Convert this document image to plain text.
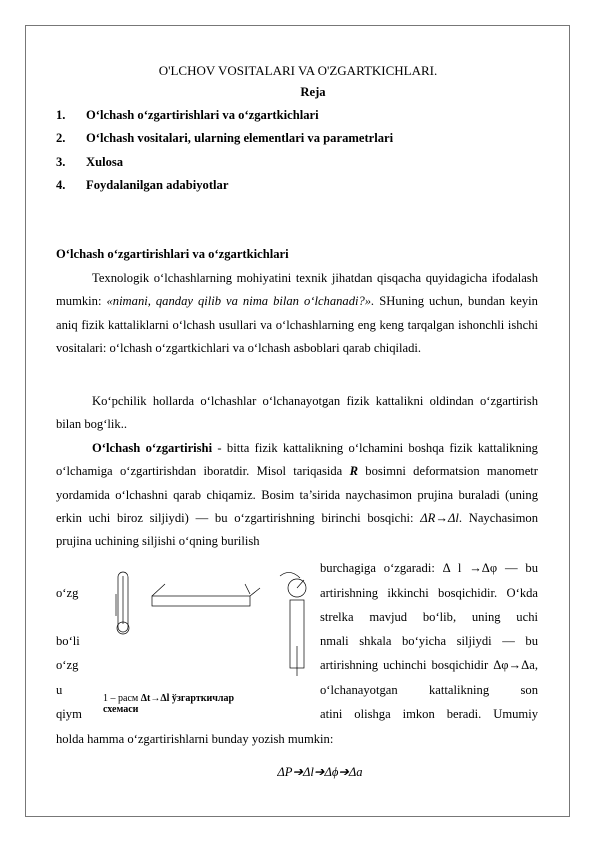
O'LCHOV VOSITALARI VA O'ZGARTKICHLARI.
Reja
1. O‘lchash o‘zgartirishlari va o‘zgartkichlari
2. O‘lchash vositalari, ularning elementlari va parametrlari
3. Xulosa
4. Foydalanilgan adabiyotlar
O‘lchash o‘zgartirishlari va o‘zgartkichlari
Texnologik o‘lchashlarning mohiyatini texnik jihatdan qisqacha quyidagicha ifodalash mumkin: «nimani, qanday qilib va nima bilan o‘lchanadi?». SHuning uchun, bundan keyin aniq fizik kattaliklarni o‘lchash usullari va o‘lchashlarning eng keng tarqalgan ishonchli ishchi vositalari: o‘lchash o‘zgartkichlari va o‘lchash asboblari qarab chiqiladi.
Ko‘pchilik hollarda o‘lchashlar o‘lchanayotgan fizik kattalikni oldindan o‘zgartirish bilan bog‘lik..
O‘lchash o‘zgartirishi - bitta fizik kattalikning o‘lchamini boshqa fizik kattalikning o‘lchamiga o‘zgartirishdan iboratdir. Misol tariqasida R bosimni deformatsion manometr yordamida o‘lchashni qarab chiqamiz. Bosim ta’sirida naychasimon prujina buraladi (uning erkin uchi biroz siljiydi) — bu o‘zgartirishning birinchi bosqichi: ΔR→Δl. Naychasimon prujina uchining siljishi o‘qning burilish
burchagiga o‘zgaradi: Δ l →Δφ — bu
o‘zg	artirishning ikkinchi bosqichidir. O‘kda
strelka mavjud bo‘lib, uning uchi
bo‘li	nmali shkala bo‘yicha siljiydi — bu
o‘zg	artirishning uchinchi bosqichidir Δφ→Δa,
u	o‘lchanayotgan kattalikning son
qiym	atini olishga imkon beradi. Umumiy
holda hamma o‘zgartirishlarni bunday yozish mumkin:
1 – расм Δt→Δl ўзгарткичлар
схемаси
ΔP➔Δl➔Δϕ➔Δa
